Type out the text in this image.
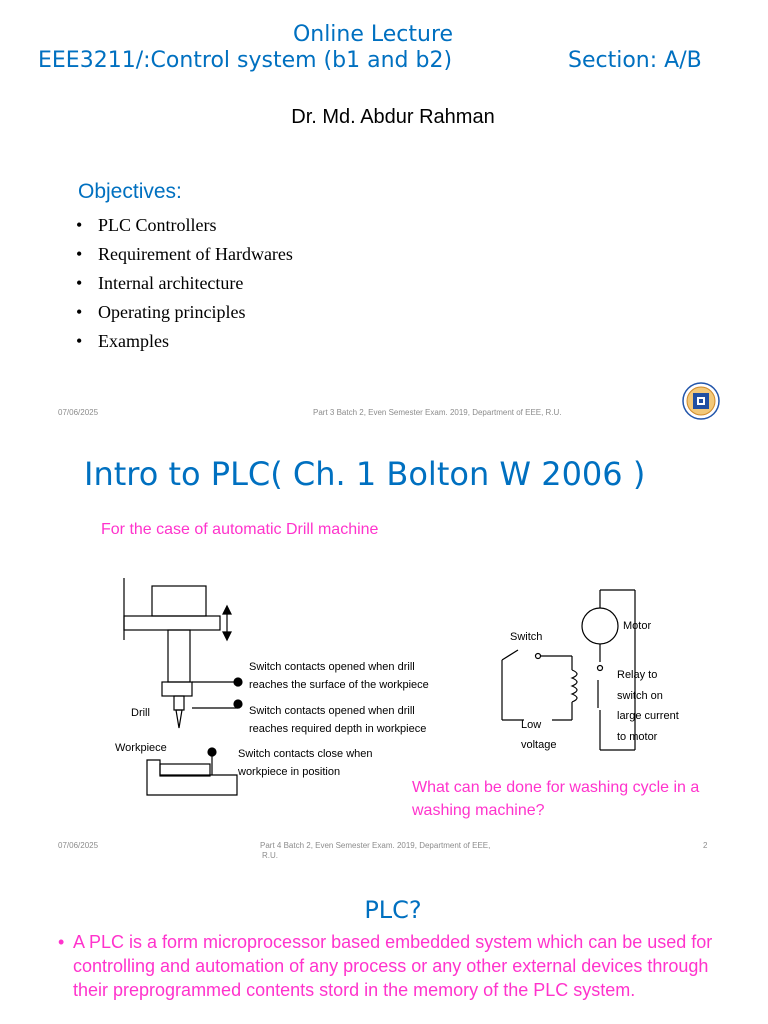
Online Lecture
EEE3211/:Control system (b1 and b2)	Section: A/B
Dr. Md. Abdur Rahman
Objectives:
• PLC Controllers
• Requirement of Hardwares
• Internal architecture
• Operating principles
• Examples
07/06/2025	Part 3 Batch 2, Even Semester Exam. 2019, Department of EEE, R.U.
Intro to PLC( Ch. 1 Bolton W 2006 )
For the case of automatic Drill machine
Switch contacts opened when drill
reaches the surface of the workpiece
Switch contacts opened when drill
reaches required depth in workpiece
Drill
Workpiece	Switch contacts close when
workpiece in position
Switch
Motor
Relay to
switch on
large current
to motor
Low
voltage
What can be done for washing cycle in a washing machine?
07/06/2025	Part 4 Batch 2, Even Semester Exam. 2019, Department of EEE,
R.U.
2
PLC?
• A PLC is a form microprocessor based embedded system which can be used for controlling and automation of any process or any other external devices through their preprogrammed contents stord in the memory of the PLC system.
